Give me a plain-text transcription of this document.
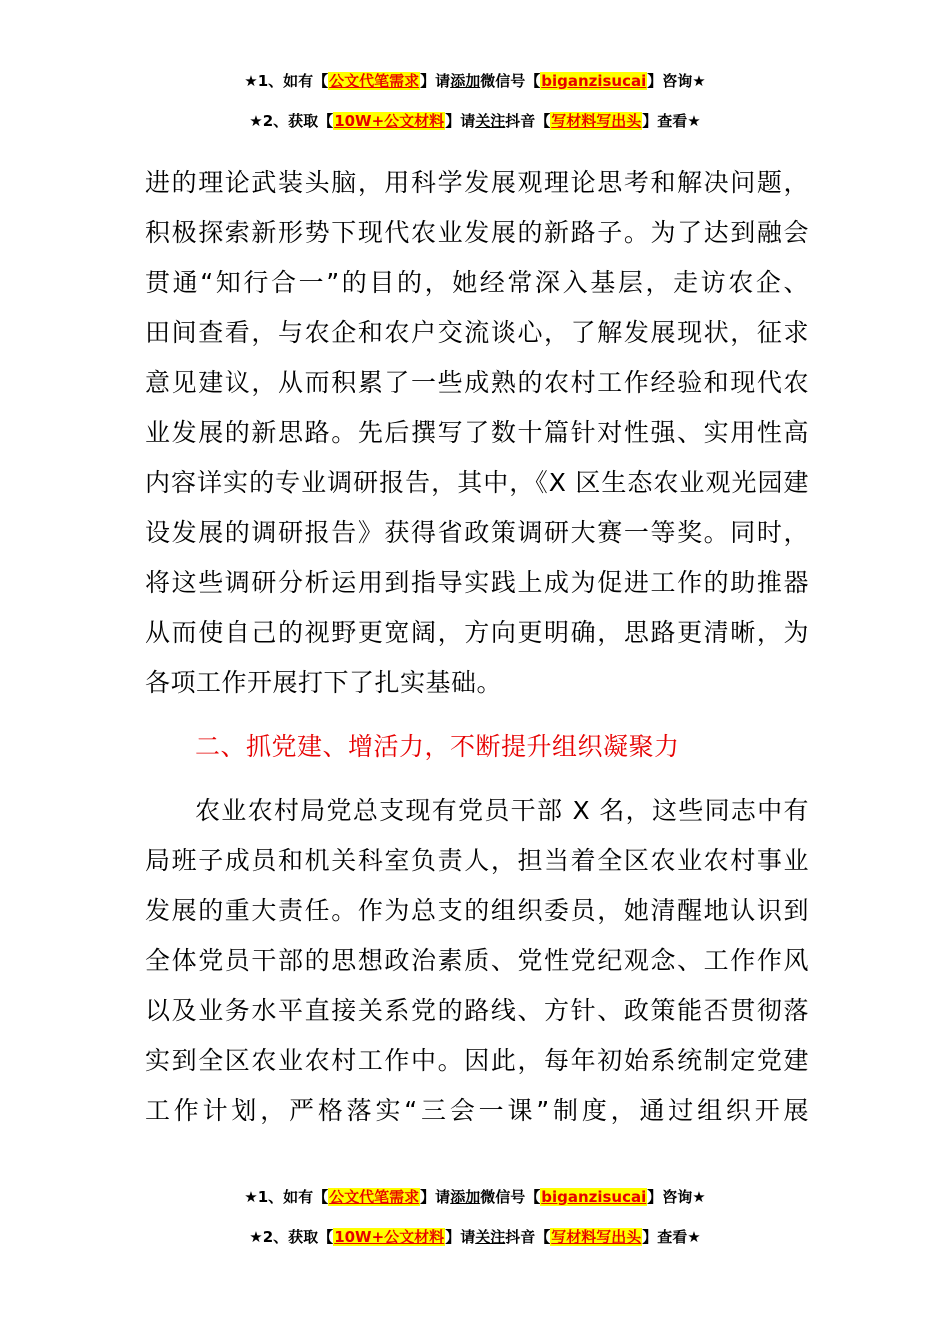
★1、如有【公文代笔需求】请添加微信号【biganzisucai】咨询★
★2、获取【10W+公文材料】请关注抖音【写材料写出头】查看★
进的理论武装头脑，用科学发展观理论思考和解决问题，
积极探索新形势下现代农业发展的新路子。为了达到融会
贯通“知行合一”的目的，她经常深入基层，走访农企、
田间查看，与农企和农户交流谈心，了解发展现状，征求
意见建议，从而积累了一些成熟的农村工作经验和现代农
业发展的新思路。先后撰写了数十篇针对性强、实用性高
内容详实的专业调研报告，其中，《X 区生态农业观光园建
设发展的调研报告》获得省政策调研大赛一等奖。同时，
将这些调研分析运用到指导实践上成为促进工作的助推器
从而使自己的视野更宽阔，方向更明确，思路更清晰，为
各项工作开展打下了扎实基础。
二、抓党建、增活力，不断提升组织凝聚力
农业农村局党总支现有党员干部 X 名，这些同志中有
局班子成员和机关科室负责人，担当着全区农业农村事业
发展的重大责任。作为总支的组织委员，她清醒地认识到
全体党员干部的思想政治素质、党性党纪观念、工作作风
以及业务水平直接关系党的路线、方针、政策能否贯彻落
实到全区农业农村工作中。因此，每年初始系统制定党建
工作计划，严格落实“三会一课”制度，通过组织开展
★1、如有【公文代笔需求】请添加微信号【biganzisucai】咨询★
★2、获取【10W+公文材料】请关注抖音【写材料写出头】查看★
